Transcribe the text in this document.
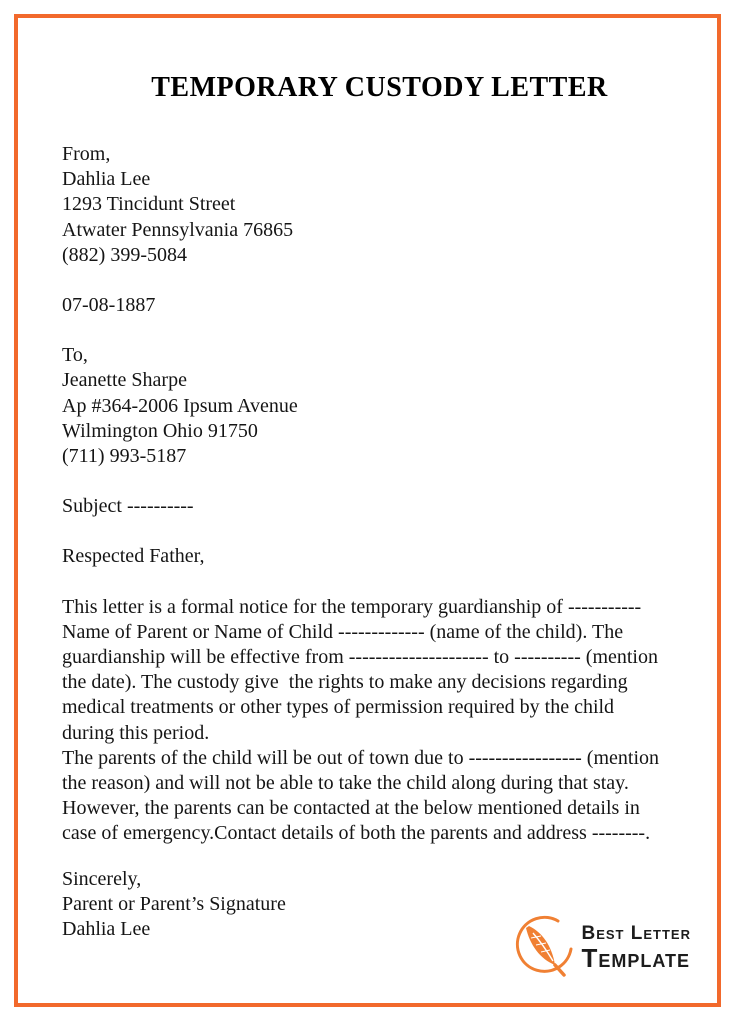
TEMPORARY CUSTODY LETTER
From,
Dahlia Lee
1293 Tincidunt Street
Atwater Pennsylvania 76865
(882) 399-5084
07-08-1887
To,
Jeanette Sharpe
Ap #364-2006 Ipsum Avenue
Wilmington Ohio 91750
(711) 993-5187
Subject ----------
Respected Father,
This letter is a formal notice for the temporary guardianship of -----------
Name of Parent or Name of Child ------------- (name of the child). The
guardianship will be effective from --------------------- to ---------- (mention
the date). The custody give  the rights to make any decisions regarding
medical treatments or other types of permission required by the child
during this period.
The parents of the child will be out of town due to ----------------- (mention
the reason) and will not be able to take the child along during that stay.
However, the parents can be contacted at the below mentioned details in
case of emergency.Contact details of both the parents and address --------.
Sincerely,
Parent or Parent’s Signature
Dahlia Lee	Best Letter
Template
